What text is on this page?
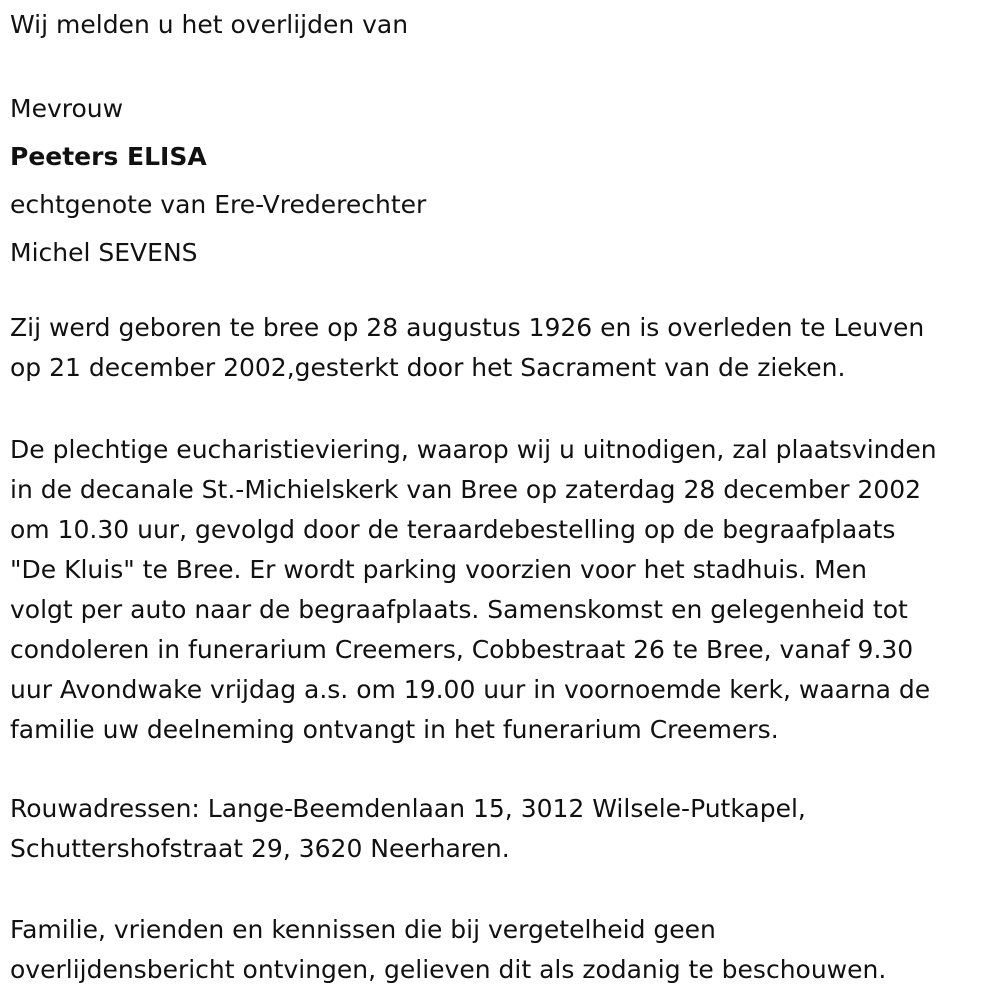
Wij melden u het overlijden van
Mevrouw
Peeters ELISA
echtgenote van Ere-Vrederechter
Michel SEVENS
Zij werd geboren te bree op 28 augustus 1926 en is overleden te Leuven
op 21 december 2002,gesterkt door het Sacrament van de zieken.
De plechtige eucharistieviering, waarop wij u uitnodigen, zal plaatsvinden
in de decanale St.-Michielskerk van Bree op zaterdag 28 december 2002
om 10.30 uur, gevolgd door de teraardebestelling op de begraafplaats
"De Kluis" te Bree. Er wordt parking voorzien voor het stadhuis. Men
volgt per auto naar de begraafplaats. Samenskomst en gelegenheid tot
condoleren in funerarium Creemers, Cobbestraat 26 te Bree, vanaf 9.30
uur Avondwake vrijdag a.s. om 19.00 uur in voornoemde kerk, waarna de
familie uw deelneming ontvangt in het funerarium Creemers.
Rouwadressen: Lange-Beemdenlaan 15, 3012 Wilsele-Putkapel,
Schuttershofstraat 29, 3620 Neerharen.
Familie, vrienden en kennissen die bij vergetelheid geen
overlijdensbericht ontvingen, gelieven dit als zodanig te beschouwen.
